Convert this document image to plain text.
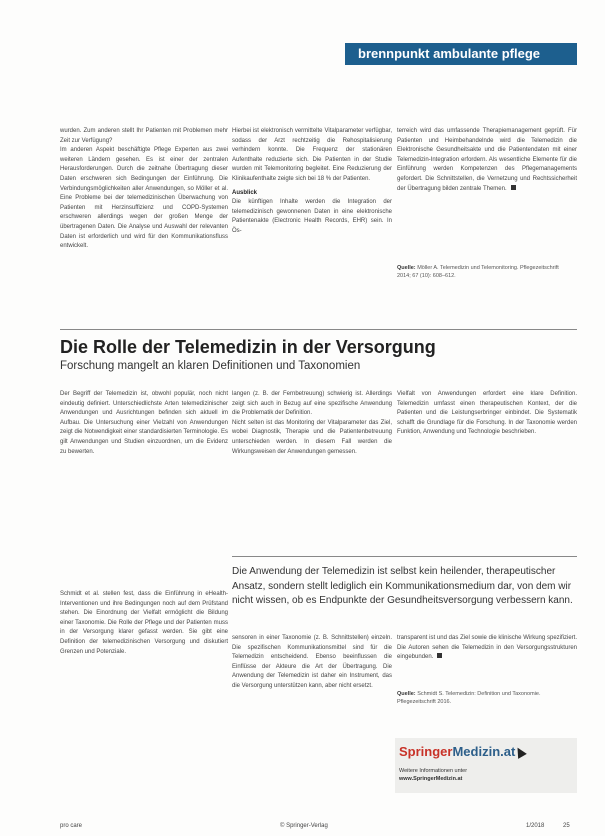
brennpunkt ambulante pflege

wurden. Zum anderen stellt Ihr Patienten mit Problemen mehr Zeit zur Verfügung?

Im anderen Aspekt beschäftigte Pflege Experten aus zwei weiteren Ländern gesehen. Es ist einer der zentralen Herausforderungen. Durch die zeitnahe Übertragung dieser Daten erschweren sich Bedingungen der Einführung. Die Verbindungsmöglichkeiten aller Anwendungen, so Möller et al. Eine Probleme bei der telemedizinischen Überwachung von Patienten mit Herzinsuffizienz und COPD-Systemen erschweren allerdings wegen der großen Menge der übertragenen Daten. Die Analyse und Auswahl der relevanten Daten ist erforderlich und wird für den Kommunikationsfluss entwickelt.

Hierbei ist elektronisch vermittelte Vitalparameter verfügbar, sodass der Arzt rechtzeitig die Rehospitalisierung verhindern konnte. Die Frequenz der stationären Aufenthalte reduzierte sich. Die Patienten in der Studie wurden mit Telemonitoring begleitet. Eine Reduzierung der Klinikaufenthalte zeigte sich bei 18 % der Patienten.

Ausblick

Die künftigen Inhalte werden die Integration der telemedizinisch gewonnenen Daten in eine elektronische Patientenakte (Electronic Health Records, EHR) sein. In Ös-

terreich wird das umfassende Therapiemanagement geprüft. Für Patienten und Heimbehandelnde wird die Telemedizin die Elektronische Gesundheitsakte und die Patientendaten mit einer Telemedizin-Integration erfordern. Als wesentliche Elemente für die Einführung werden Kompetenzen des Pflegemanagements gefordert. Die Schnittstellen, die Vernetzung und Rechtssicherheit der Übertragung bilden zentrale Themen.

Quelle: Möller A. Telemedizin und Telemonitoring. Pflegezeitschrift 2014; 67 (10): 608–612.
Die Rolle der Telemedizin in der Versorgung
Forschung mangelt an klaren Definitionen und Taxonomien

Der Begriff der Telemedizin ist, obwohl populär, noch nicht eindeutig definiert. Unterschiedlichste Arten telemedizinischer Anwendungen und Ausrichtungen befinden sich aktuell im Aufbau. Die Untersuchung einer Vielzahl von Anwendungen zeigt die Notwendigkeit einer standardisierten Terminologie. Es gilt Anwendungen und Studien einzuordnen, um die Evidenz zu bewerten.

Schmidt et al. stellen fest, dass die Einführung in eHealth-Interventionen und ihre Bedingungen noch auf dem Prüfstand stehen. Die Einordnung der Vielfalt ermöglicht die Bildung einer Taxonomie. Die Rolle der Pflege und der Patienten muss in der Versorgung klarer gefasst werden. Sie gibt eine Definition der telemedizinischen Versorgung und diskutiert Grenzen und Potenziale.

langen (z. B. der Fernbetreuung) schwierig ist. Allerdings zeigt sich auch in Bezug auf eine spezifische Anwendung die Problematik der Definition.

Nicht selten ist das Monitoring der Vitalparameter das Ziel, wobei Diagnostik, Therapie und die Patientenbetreuung unterschieden werden. In diesem Fall werden die Wirkungsweisen der Anwendungen gemessen.

sensoren in einer Taxonomie (z. B. Schnittstellen) einzeln. Die spezifischen Kommunikationsmittel sind für die Telemedizin entscheidend. Ebenso beeinflussen die Einflüsse der Akteure die Art der Übertragung. Die Anwendung der Telemedizin ist daher ein Instrument, das die Versorgung unterstützen kann, aber nicht ersetzt.

Vielfalt von Anwendungen erfordert eine klare Definition. Telemedizin umfasst einen therapeutischen Kontext, der die Patienten und die Leistungserbringer einbindet. Die Systematik schafft die Grundlage für die Forschung. In der Taxonomie werden Funktion, Anwendung und Technologie beschrieben.

transparent ist und das Ziel sowie die klinische Wirkung spezifiziert. Die Autoren sehen die Telemedizin in den Versorgungsstrukturen eingebunden.

Die Anwendung der Telemedizin ist selbst kein heilender, therapeutischer Ansatz, sondern stellt lediglich ein Kommunikationsmedium dar, von dem wir nicht wissen, ob es Endpunkte der Gesundheitsversorgung verbessern kann.
Quelle: Schmidt S. Telemedizin: Definition und Taxonomie. Pflegezeitschrift 2016.
SpringerMedizin.at
Weitere Informationen unter
www.SpringerMedizin.at
pro care	© Springer-Verlag	1/2018	25
